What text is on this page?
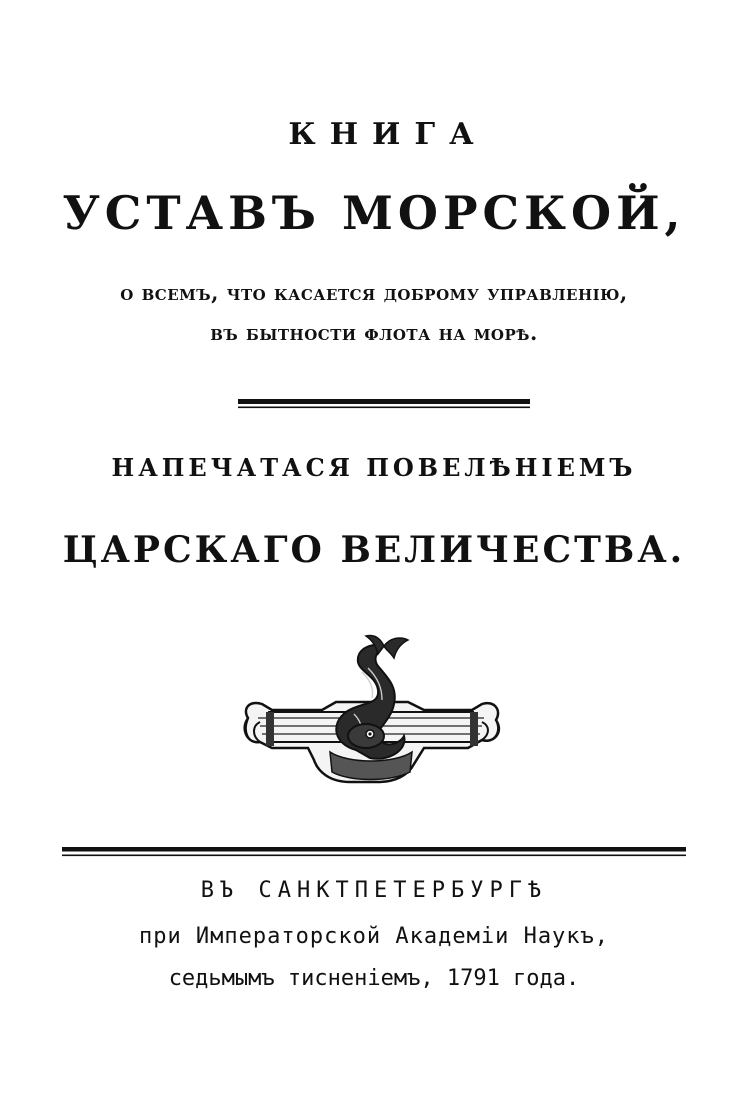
КНИГА
УСТАВЪ МОРСКОЙ,
о всемъ, что касается доброму управленію,
въ бытности флота на морѣ.
НАПЕЧАТАСЯ ПОВЕЛѢНІЕМЪ
ЦАРСКАГО ВЕЛИЧЕСТВА.
ВЪ САНКТПЕТЕРБУРГѢ
при Императорской Академіи Наукъ,
седьмымъ тисненіемъ, 1791 года.
